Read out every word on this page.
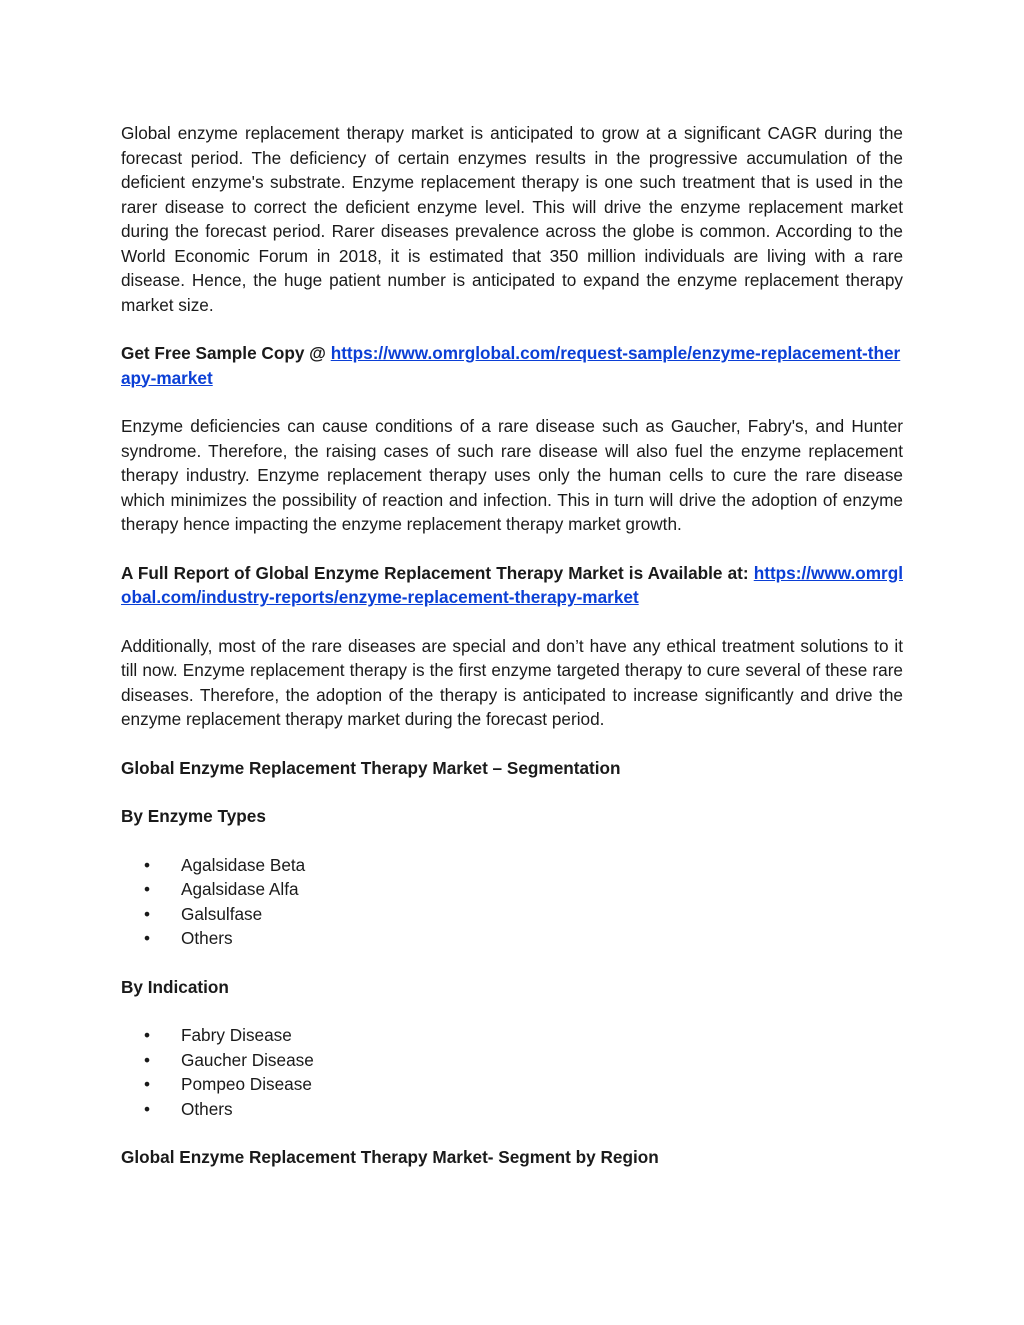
Global enzyme replacement therapy market is anticipated to grow at a significant CAGR during the forecast period. The deficiency of certain enzymes results in the progressive accumulation of the deficient enzyme's substrate. Enzyme replacement therapy is one such treatment that is used in the rarer disease to correct the deficient enzyme level. This will drive the enzyme replacement market during the forecast period. Rarer diseases prevalence across the globe is common. According to the World Economic Forum in 2018, it is estimated that 350 million individuals are living with a rare disease. Hence, the huge patient number is anticipated to expand the enzyme replacement therapy market size.

Get Free Sample Copy @ https://www.omrglobal.com/request-sample/enzyme-replacement-therapy-market

Enzyme deficiencies can cause conditions of a rare disease such as Gaucher, Fabry's, and Hunter syndrome. Therefore, the raising cases of such rare disease will also fuel the enzyme replacement therapy industry. Enzyme replacement therapy uses only the human cells to cure the rare disease which minimizes the possibility of reaction and infection. This in turn will drive the adoption of enzyme therapy hence impacting the enzyme replacement therapy market growth.

A Full Report of Global Enzyme Replacement Therapy Market is Available at: https://www.omrglobal.com/industry-reports/enzyme-replacement-therapy-market

Additionally, most of the rare diseases are special and don’t have any ethical treatment solutions to it till now. Enzyme replacement therapy is the first enzyme targeted therapy to cure several of these rare diseases. Therefore, the adoption of the therapy is anticipated to increase significantly and drive the enzyme replacement therapy market during the forecast period.

Global Enzyme Replacement Therapy Market – Segmentation
By Enzyme Types
• Agalsidase Beta
• Agalsidase Alfa
• Galsulfase
• Others
By Indication
• Fabry Disease
• Gaucher Disease
• Pompeo Disease
• Others
Global Enzyme Replacement Therapy Market- Segment by Region
